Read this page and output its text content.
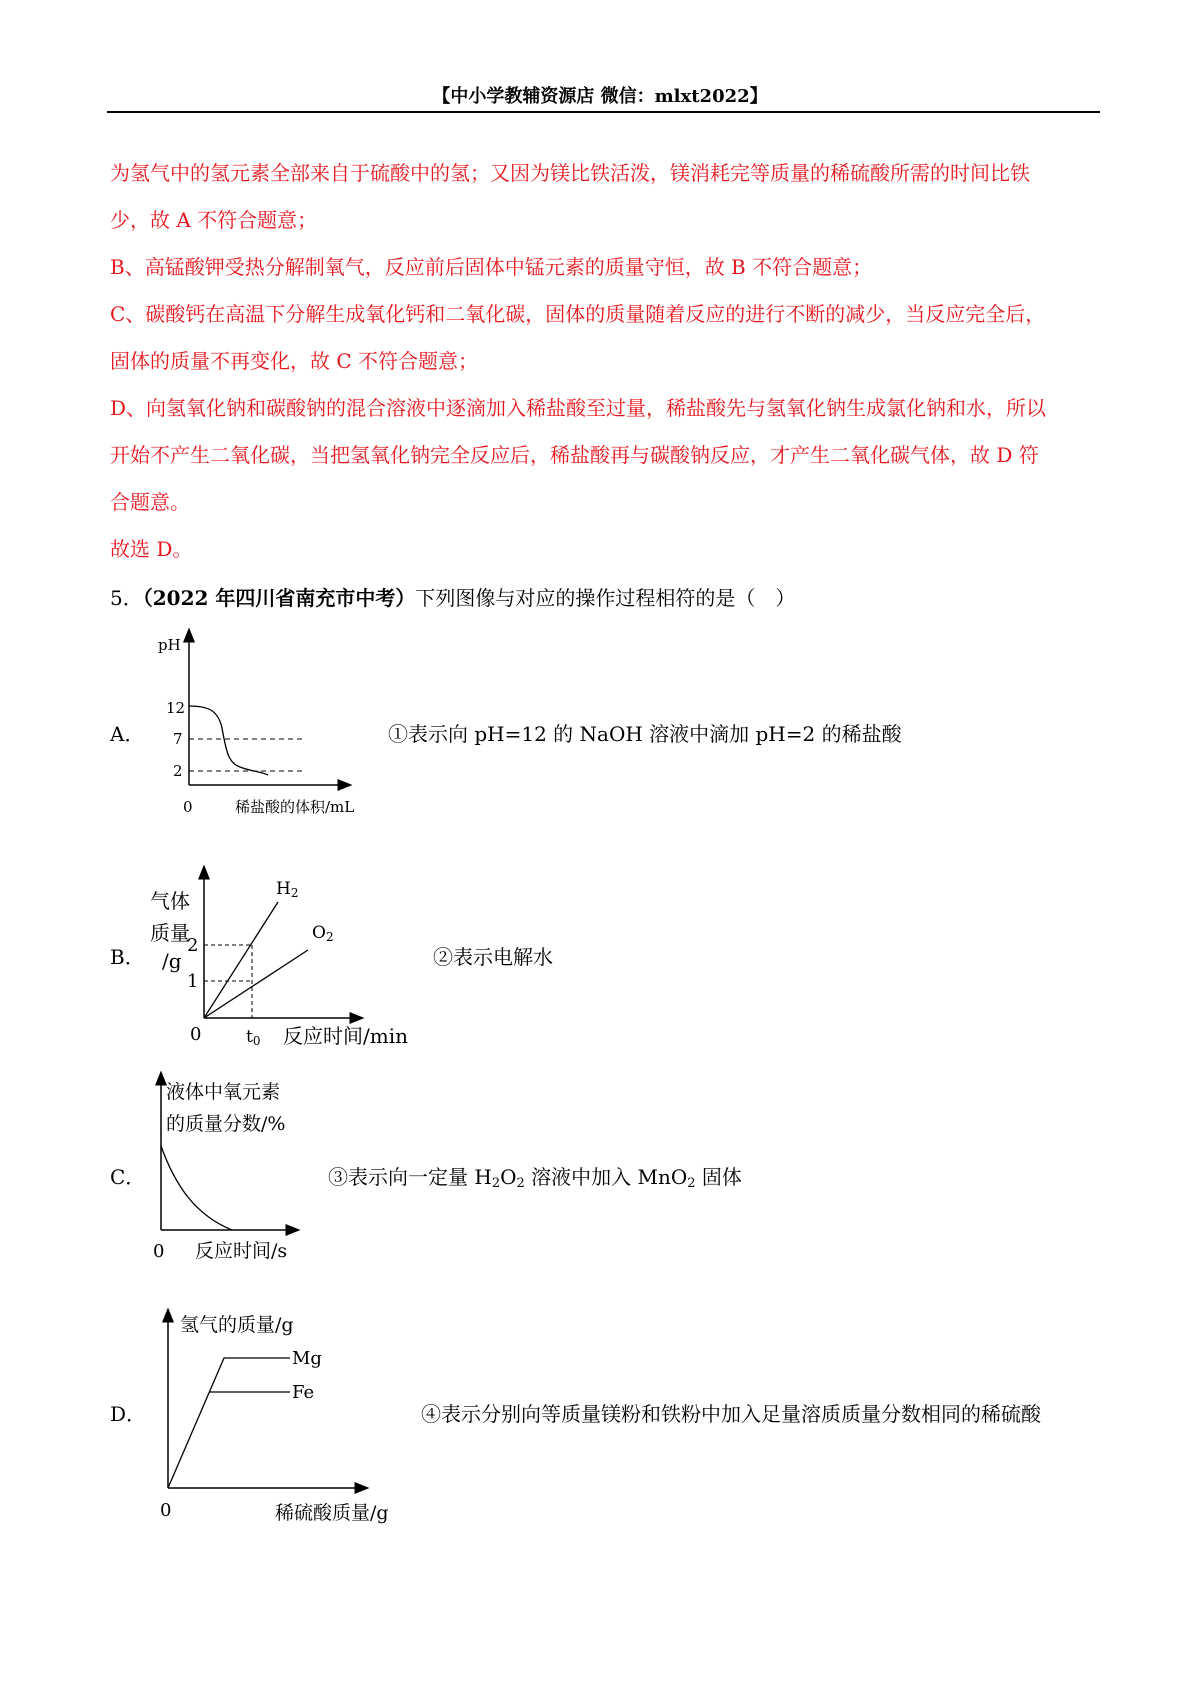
【中小学教辅资源店 微信：mlxt2022】
为氢气中的氢元素全部来自于硫酸中的氢；又因为镁比铁活泼，镁消耗完等质量的稀硫酸所需的时间比铁
少，故 A 不符合题意；
B、高锰酸钾受热分解制氧气，反应前后固体中锰元素的质量守恒，故 B 不符合题意；
C、碳酸钙在高温下分解生成氧化钙和二氧化碳，固体的质量随着反应的进行不断的减少，当反应完全后，
固体的质量不再变化，故 C 不符合题意；
D、向氢氧化钠和碳酸钠的混合溶液中逐滴加入稀盐酸至过量，稀盐酸先与氢氧化钠生成氯化钠和水，所以
开始不产生二氧化碳，当把氢氧化钠完全反应后，稀盐酸再与碳酸钠反应，才产生二氧化碳气体，故 D 符
合题意。
故选 D。
5．（2022 年四川省南充市中考）下列图像与对应的操作过程相符的是（　）
A．
pH
12
7
2
0	稀盐酸的体积/mL
①表示向 pH=12 的 NaOH 溶液中滴加 pH=2 的稀盐酸
B．
气体
质量
/g
2
1
0	t0 反应时间/min
H2
O2
②表示电解水
C．
液体中氧元素
的质量分数/%
0 反应时间/s
③表示向一定量 $H_2O_2$ 溶液中加入 MnO$_2$ 固体
D．
氢气的质量/g
0	稀硫酸质量/g
Mg
Fe
④表示分别向等质量镁粉和铁粉中加入足量溶质质量分数相同的稀硫酸
